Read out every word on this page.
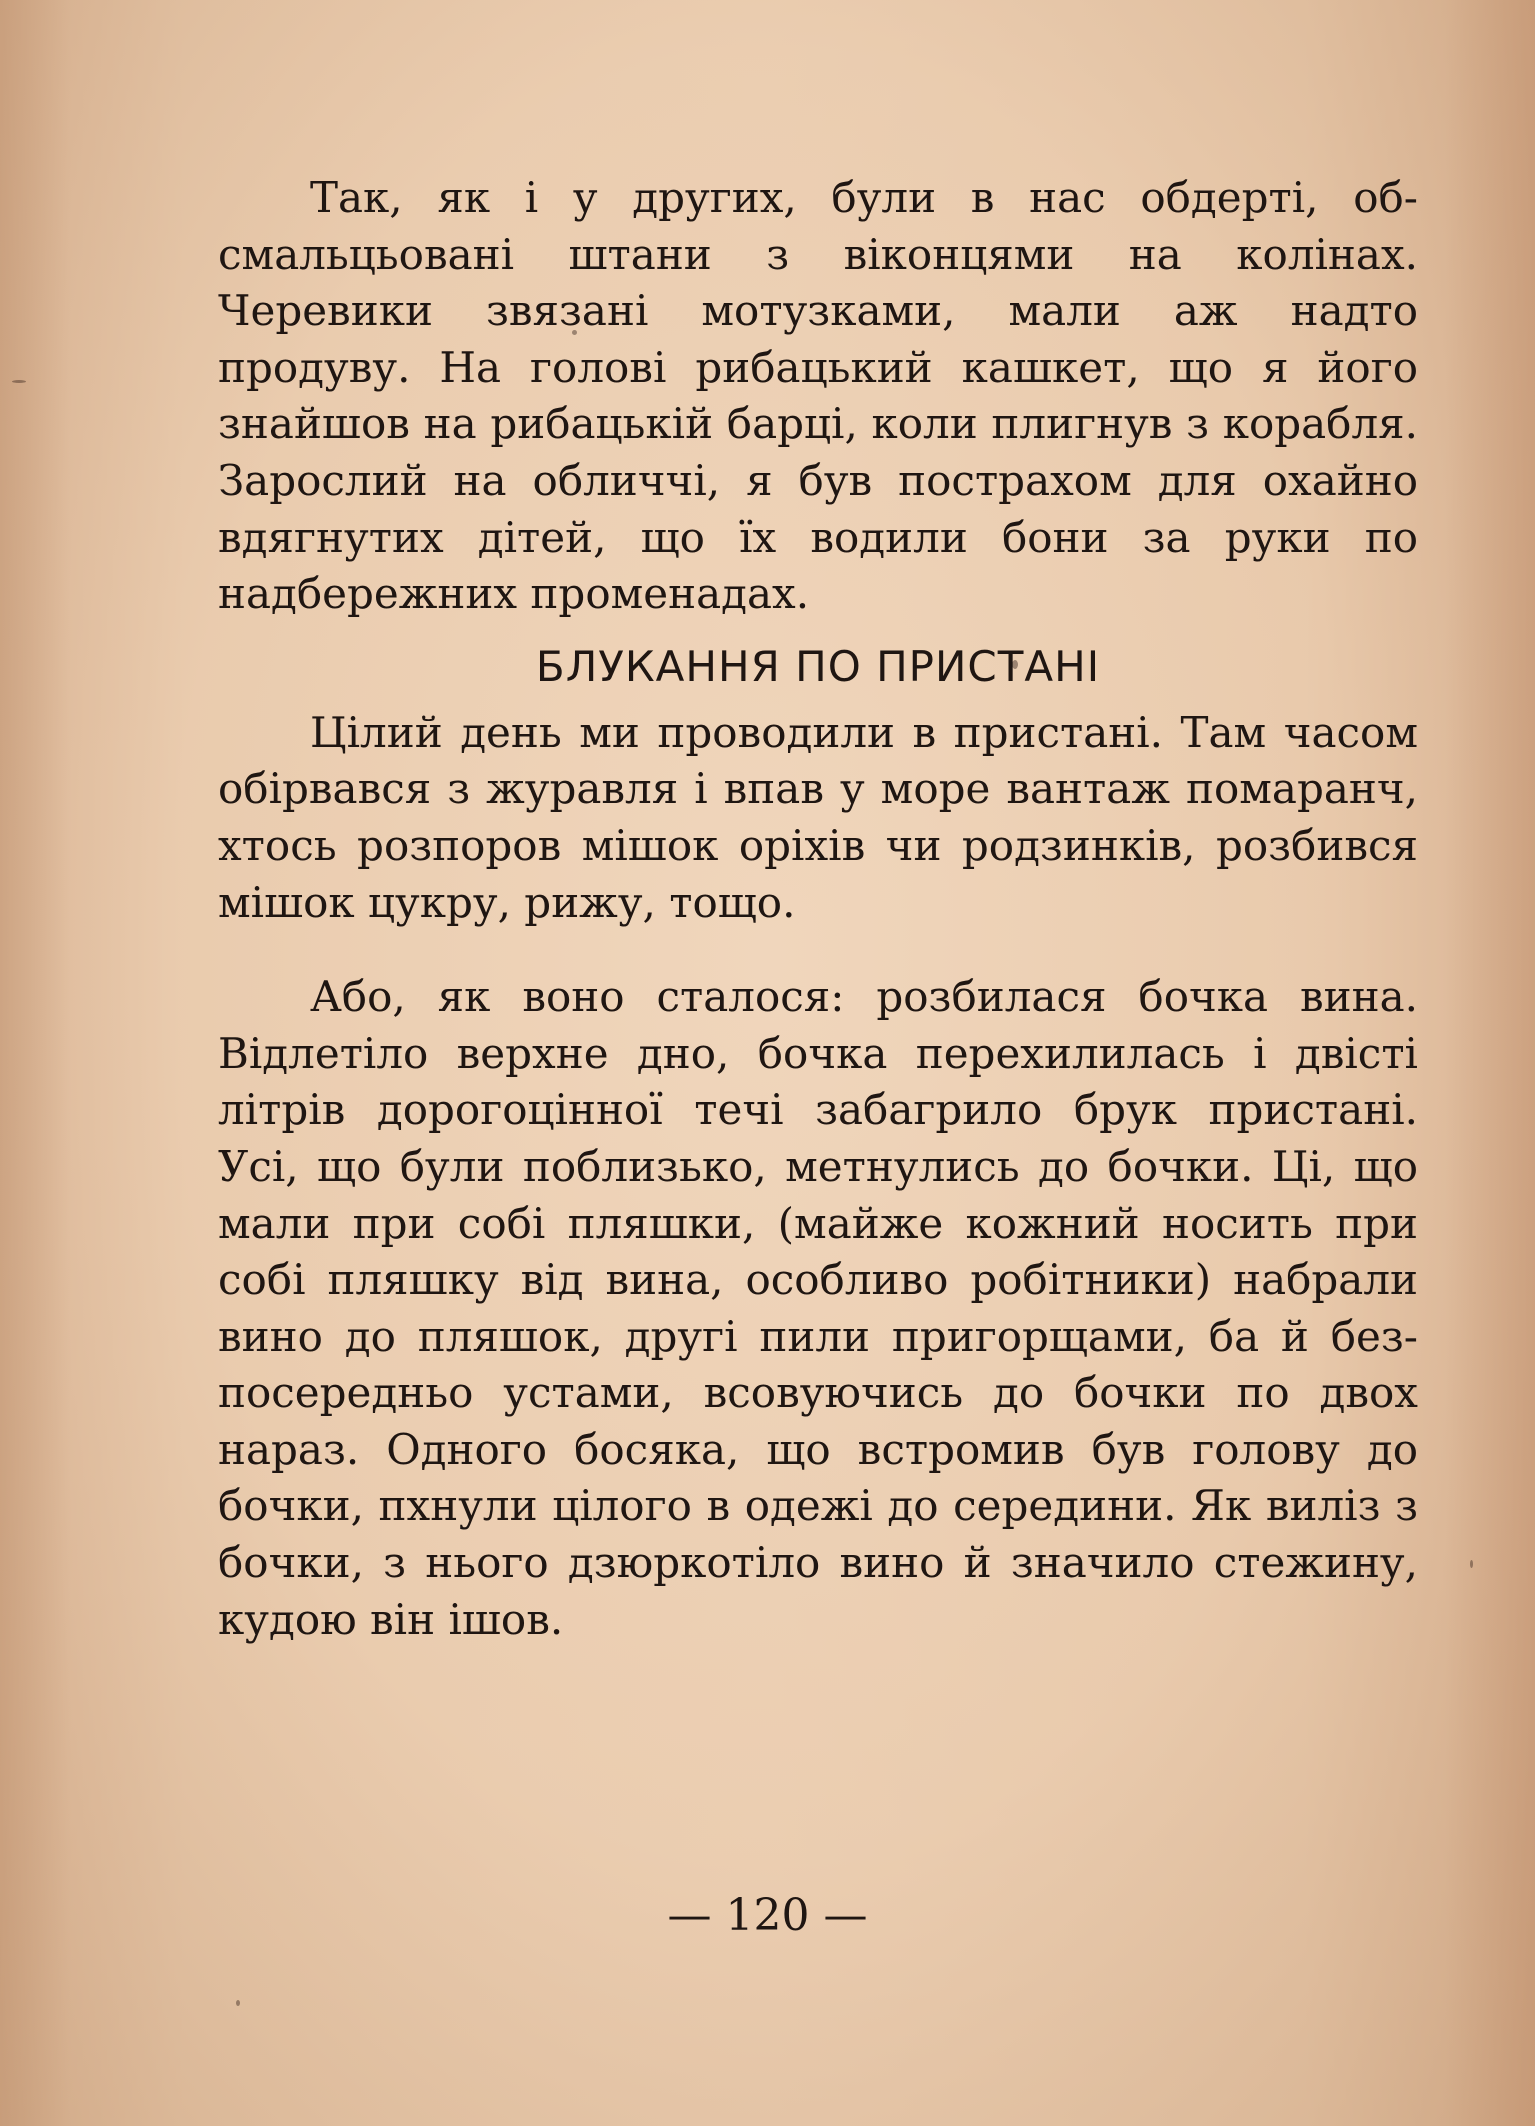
Так, як і у других, були в нас обдерті, обсмальцьовані штани з віконцями на колінах. Черевики звязані мотузками, мали аж надто продуву. На голові рибацький кашкет, що я його знайшов на рибацькій барці, коли плигнув з корабля. Зарослий на обличчі, я був пострахом для охайно вдягнутих дітей, що їх водили бони за руки по надбережних променадах.

БЛУКАННЯ ПО ПРИСТАНІ

Цілий день ми проводили в пристані. Там часом обірвався з журавля і впав у море вантаж помаранч, хтось розпоров мішок оріхів чи родзинків, розбився мішок цукру, рижу, тощо.

Або, як воно сталося: розбилася бочка вина. Відлетіло верхне дно, бочка перехилилась і двісті літрів дорогоцінної течі забагрило брук пристані. Усі, що були поблизько, метнулись до бочки. Ці, що мали при собі пляшки, (майже кожний носить при собі пляшку від вина, особливо робітники) набрали вино до пляшок, другі пили пригорщами, ба й безпосередньо устами, всовуючись до бочки по двох нараз. Одного босяка, що встромив був голову до бочки, пхнули цілого в одежі до середини. Як виліз з бочки, з нього дзюркотіло вино й значило стежину, кудою він ішов.

— 120 —
